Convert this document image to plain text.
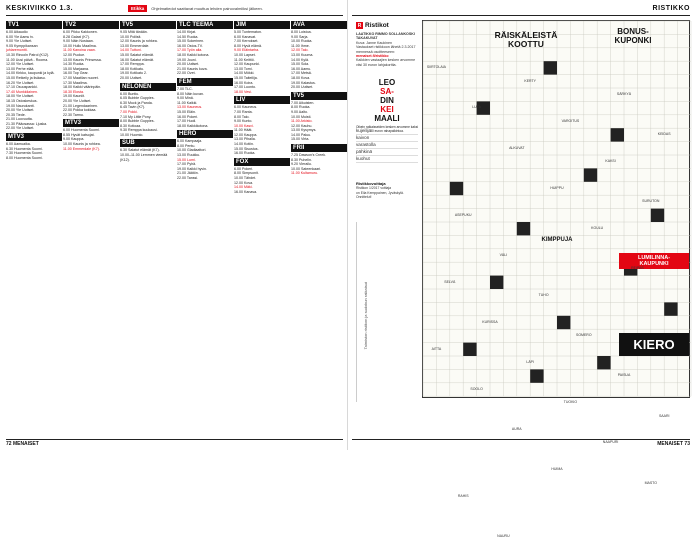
KESKIVIIKKO 1.3.	Etikka	Ohjelmatiedot saattavat muuttua lehden painovalmiiksi jälkeen.	RISTIKKO
TV1
6.00 Aikaudio
6.00 Yle Aamu tv.
9.00 Yle Uutiset.
9.05 Kymppikansan
juhlaremontti.
10.30 Rincoln Patrol (K12).
11.00 Uusi päivä - Rooma.
12.00 Yle Uutiset.
13.00 Perhe elää.
14.00 Kirkko, kaupunki ja kylä.
15.00 Retkeily ja lisäasu.
16.20 Yle Uutiset.
17.10 Osuuspankki.
17.40 Munkkilainen.
18.00 Yle Uutiset.
18.15 Ostoskeskus.
19.00 Naurukantt.
20.00 Yle Uutiset.
20.35 Tiede.
21.00 Luovuutta.
21.30 Pääosassa: Ljuska.
22.00 Yle Uutiset.
MTV3
6.00 Aamuaika.
6.30 Huomenta Suomi.
7.30 Huomenta Suomi.
8.00 Huomenta Suomi.
TV2
6.00 Pikku Kakkonen.
8.28 Galaxi (K7).
9.00 Näin Nostaan.
10.00 Hullu Maailma.
11.00 Kanoina vaan.
12.00 Puolue.
13.00 Kaunis Prinsessa.
14.30 Ruoka.
15.00 Marjaana.
16.00 Top Gear.
17.00 Maatilan nuoret.
17.30 Maailma.
18.00 Kaikki väärinpäin.
18.30 Elosta.
19.00 Kauniit.
20.00 Yle Uutiset.
21.00 Legendaarinen.
22.00 Pokka kokkaa.
22.30 Tarmo.
MTV3
6.00 Huomenta Suomi.
8.55 Hyvät katsojat.
9.00 Kauppa.
10.00 Kaunis ja rohkea.
11.00 Emmerdale (K7).
TV5
9.05 Mitä tänään.
10.00 Poliisit.
12.00 Kaunis ja rohkea.
13.00 Emmerdale.
14.00 Tuttuni.
15.00 Salatut elämät.
16.00 Salatut elämät.
17.00 Remppa.
18.00 Kotikatu.
19.00 Kotikatu 2.
20.00 Uutiset.
NELONEN
6.00 Buntiu.
6.05 Bubble Guppies.
6.30 Muck ja Panda.
6.45 Tavin (K7).
7.00 Pokki.
7.10 My Little Pony.
8.00 Bubble Guppies.
8.30 Kotioaa.
9.30 Remppa kuukausi.
10.00 Huomio.
SUB
6.30 Salatut elämät (K7).
10.00–11.00 Lemmen viemää (K12).
TLC TEEMA
14.00 Kirjat.
14.50 Ruoka.
15.00 Sokerinen.
16.00 Ostos-TV.
17.00 Työn alla.
18.00 Kaikki kotona.
19.00 Jouni.
20.00 Uutiset.
21.00 Kaunis kuva.
22.00 Ovet.
FEM
7.00 TLC.
8.00 Näin kuvan.
9.00 Minä.
11.00 Kaikki.
13.00 Kauneus.
15.00 Eläin.
16.00 Pokeri.
17.00 Huoli.
18.00 Kaikkikotona.
HERO
6.00 Kampaaja.
8.00 Pentu.
10.00 Gladiaattori.
13.00 Ruukku.
15.00 Lumi.
17.00 Pyhä.
19.00 Kaikki hyvin.
21.00 Jäätön.
22.00 Tanssi.
JIM
5.00 Tuntematon.
6.00 Kanavat.
7.00 Kerrokset.
8.00 Hyvä elämä.
9.00 Eläintarha.
10.00 Lapset.
11.00 Keittiö.
12.00 Kaupunki.
13.00 Torni.
14.00 Mökki.
15.00 Taiteilija.
16.00 Koira.
17.00 Luonto.
18.00 Vesi.
LIV
6.00 Kauneus.
7.00 Ranta.
8.00 Talo.
9.00 Kunto.
10.00 Kasvi.
11.00 Häät.
12.00 Kauppa.
13.00 Pihalla.
14.00 Kotiin.
15.00 Sisustus.
16.00 Ruoka.
FOX
6.00 Pokeri.
8.00 Simpsonit.
10.00 Tähdet.
12.00 Kova.
14.00 Mäki.
16.00 Kanava.
AVA
8.00 Loistoa.
9.00 Sarja.
10.00 Ruoka.
11.00 Ihme.
12.00 Talo.
13.00 Kuuma.
14.00 Kylä.
15.00 Sola.
16.00 Aamu.
17.00 Metsä.
18.00 Kova.
19.00 Kalastus.
20.00 Uutiset.
TV5
7.00 Aikuisten.
8.00 Ruoka.
9.00 Aalto.
10.00 Muisti.
11.00 Arkisto.
12.00 Kauhu.
13.00 Kysymys.
14.00 Paluu.
15.00 Virta.
FRII
7.25 Dawson's Creek.
8.30 Puhelin.
9.20 Vierailu.
10.00 Sateenkaari.
11.00 Kultamuru.
R Ristikot
LAATIKKO RIMMO SOLLANKOSKI
TAKAKUVAT
Kuva: Janne Kaukinen
Vastaukset ristikkoon lähetä 2.3.2017 mennessä osoitteeseen:
menaiset.fi/ristikko
Kaikkien vastaajien kesken arvomme viisi 30 euron lahjakorttia.
LEO
SA-
DIN
KEI
MAALI
Oikein ratkaisseiden kesken arvomme kaksi 30 euron rahapalkintoa.
kujeilija
kaivon
varastolla
pähkinä
kuohut
Ristikkovoittaja
Ristikon 1/2017 voittaja
on Eila Kemppainen, Jyväskylä.
Onnittelut!
Taimiston ristikon ja sudokun ratkaisut
RÄISKÄLEISTÄ
KOOTTU
BONUS-
KUPONKI
KIMPPUJA
LUMILINNA-
KAUPUNKI
KIERO
SIIRTOLAIA
KERTY
SÄRKYÄ
LUTA
VAROITUS
KEIDAS
ALKUVAT
KAKSI
ASEPUKU
HUIPPU
SURUTON
VÄLI
KOULU
SELVÄ
TUHO
REIPAS
KURISSA
SOMERO
AITTA
LÄPI
PAISUA
SOOLO
TUOKIO
SAARI
AURA
NAAPURI
RAHIS
HUIMA
MASTO
NAURU
72 MENAISET	MENAISET 73
